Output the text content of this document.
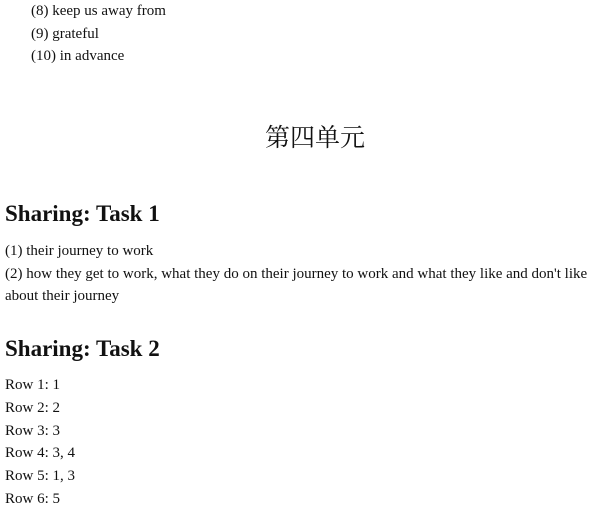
(8) keep us away from
(9) grateful
(10) in advance
第四单元
Sharing: Task 1

(1) their journey to work

(2) how they get to work, what they do on their journey to work and what they like and don't like about their journey

Sharing: Task 2
Row 1: 1
Row 2: 2
Row 3: 3
Row 4: 3, 4
Row 5: 1, 3
Row 6: 5
